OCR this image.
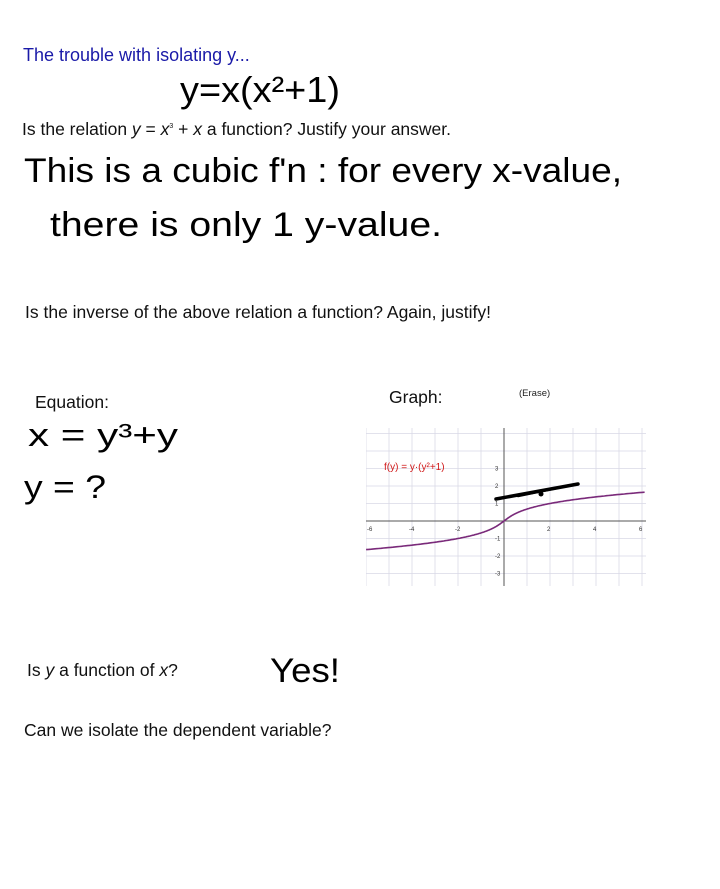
The trouble with isolating y...
y=x(x²+1)
Is the relation $y = x^3 + x$ a function? Justify your answer.
This is a cubic f'n : for every x-value,
there is only 1 y-value.
Is the inverse of the above relation a function? Again, justify!
Equation:
x = y³+y
y = ?
Graph:	(Erase)
-6	-4	-2	2	4	6
3
2
1
-1
-2
-3
f(y) = y·(y²+1)
Is y a function of x?	Yes!
Can we isolate the dependent variable?
